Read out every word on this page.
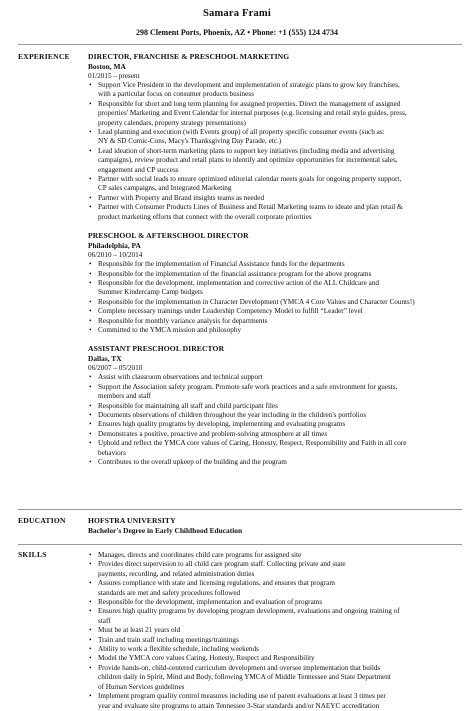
Samara Frami
298 Clement Ports, Phoenix, AZ • Phone: +1 (555) 124 4734
EXPERIENCE DIRECTOR, FRANCHISE & PRESCHOOL MARKETING
Boston, MA
01/2015 – present
• Support Vice President in the development and implementation of strategic plans to grow key franchises,
with a particular focus on consumer products business
• Responsible for short and long term planning for assigned properties. Direct the management of assigned
properties' Marketing and Event Calendar for internal purposes (e.g. licensing and retail style guides, press,
property calendars, property strategy presentations)
• Lead planning and execution (with Events group) of all property specific consumer events (such as:
NY & SD Comic-Cons, Macy's Thanksgiving Day Parade, etc.)
• Lead ideation of short-term marketing plans to support key initiatives (including media and advertising
campaigns), review product and retail plans to identify and optimize opportunities for incremental sales,
engagement and CP success
• Partner with social leads to ensure optimized editorial calendar meets goals for ongoing property support,
CP sales campaigns, and Integrated Marketing
• Partner with Property and Brand insights teams as needed
• Partner with Consumer Products Lines of Business and Retail Marketing teams to ideate and plan retail &
product marketing efforts that connect with the overall corporate priorities
PRESCHOOL & AFTERSCHOOL DIRECTOR
Philadelphia, PA
06/2010 – 10/2014
• Responsible for the implementation of Financial Assistance funds for the departments
• Responsible for the implementation of the financial assistance program for the above programs
• Responsible for the development, implementation and corrective action of the ALL Childcare and
Summer Kindercamp Camp budgets
• Responsible for the implementation in Character Development (YMCA 4 Core Values and Character Counts!)
• Complete necessary trainings under Leadership Competency Model to fulfill “Leader” level
• Responsible for monthly variance analysis for departments
• Committed to the YMCA mission and philosophy
ASSISTANT PRESCHOOL DIRECTOR
Dallas, TX
06/2007 – 05/2010
• Assist with classroom observations and technical support
• Support the Association safety program. Promote safe work practices and a safe environment for guests,
members and staff
• Responsible for maintaining all staff and child participant files
• Documents observations of children throughout the year including in the children's portfolios
• Ensures high quality programs by developing, implementing and evaluating programs
• Demonstrates a positive, proactive and problem-solving atmosphere at all times
• Uphold and reflect the YMCA core values of Caring, Honesty, Respect, Responsibility and Faith in all core
behaviors
• Contributes to the overall upkeep of the building and the program
EDUCATION	HOFSTRA UNIVERSITY
Bachelor's Degree in Early Childhood Education
SKILLS	• Manages, directs and coordinates child care programs for assigned site
• Provides direct supervision to all child care program staff. Collecting private and state
payments, recording, and related administration duties
• Assures compliance with state and licensing regulations, and ensures that program
standards are met and safety procedures followed
• Responsible for the development, implementation and evaluation of programs
• Ensures high quality programs by developing program development, evaluations and ongoing training of
staff
• Must be at least 21 years old
• Train and train staff including meetings/trainings
• Ability to work a flexible schedule, including weekends
• Model the YMCA core values Caring, Honesty, Respect and Responsibility
• Provide hands-on, child-centered curriculum development and oversee implementation that builds
children daily in Spirit, Mind and Body, following YMCA of Middle Tennessee and State Department
of Human Services guidelines
• Implement program quality control measures including use of parent evaluations at least 3 times per
year and evaluate site programs to attain Tennessee 3-Star standards and/or NAEYC accreditation
